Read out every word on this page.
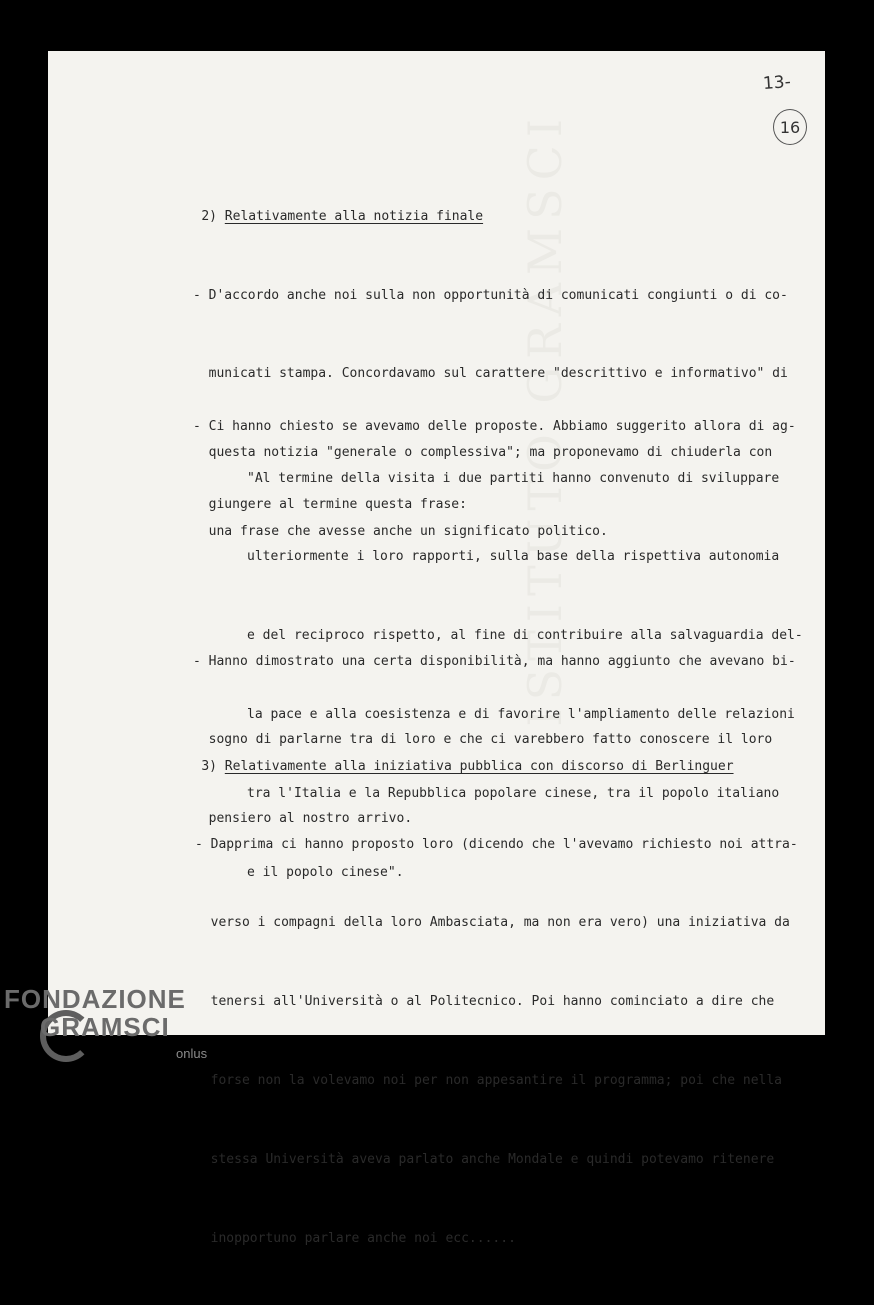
ISTITUTO GRAMSCI
13-
16

2) Relativamente alla notizia finale

- D'accordo anche noi sulla non opportunità di comunicati congiunti o di co-

municati stampa. Concordavamo sul carattere "descrittivo e informativo" di

questa notizia "generale o complessiva"; ma proponevamo di chiuderla con

una frase che avesse anche un significato politico.

- Ci hanno chiesto se avevamo delle proposte. Abbiamo suggerito allora di ag-

giungere al termine questa frase:

"Al termine della visita i due partiti hanno convenuto di sviluppare

ulteriormente i loro rapporti, sulla base della rispettiva autonomia

e del reciproco rispetto, al fine di contribuire alla salvaguardia del-

la pace e alla coesistenza e di favorire l'ampliamento delle relazioni

tra l'Italia e la Repubblica popolare cinese, tra il popolo italiano

e il popolo cinese".

- Hanno dimostrato una certa disponibilità, ma hanno aggiunto che avevano bi-

sogno di parlarne tra di loro e che ci varebbero fatto conoscere il loro

pensiero al nostro arrivo.

3) Relativamente alla iniziativa pubblica con discorso di Berlinguer

- Dapprima ci hanno proposto loro (dicendo che l'avevamo richiesto noi attra-

verso i compagni della loro Ambasciata, ma non era vero) una iniziativa da

tenersi all'Università o al Politecnico. Poi hanno cominciato a dire che

forse non la volevamo noi per non appesantire il programma; poi che nella

stessa Università aveva parlato anche Mondale e quindi potevamo ritenere

inopportuno parlare anche noi ecc......

FONDAZIONE
GRAMSCI
onlus
